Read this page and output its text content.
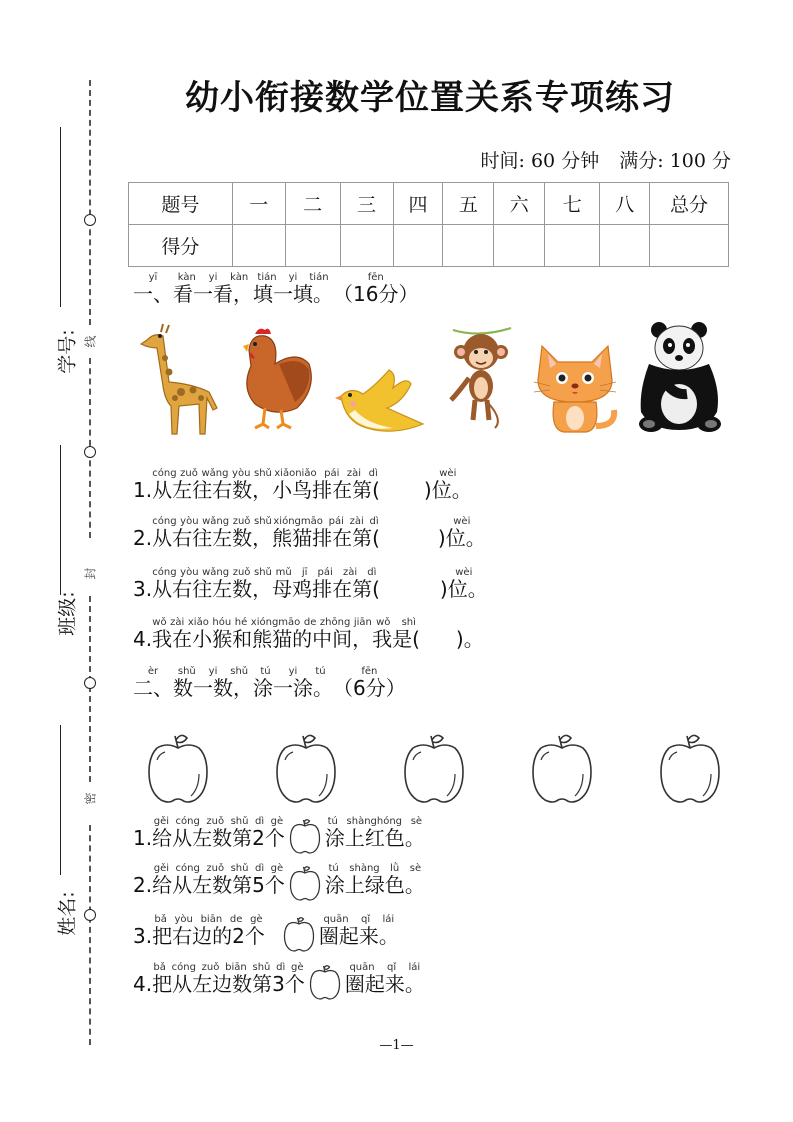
线
封
密
学号:
班级:
姓名:
幼小衔接数学位置关系专项练习
时间: 60 分钟 满分: 100 分
题号	一	二	三	四	五	六	七	八	总分
得分									
一、yī看一看，kàn yi kàn填一填。tián yi tián（16分）fēn
1.从左往右数，cóng zuǒ wǎng yòu shǔ小鸟排在第(xiǎoniǎo pái zài dì)位。wèi
2.从右往左数，cóng yòu wǎng zuǒ shǔ熊猫排在第(xióngmāo pái zài dì)位。wèi
3.从右往左数，cóng yòu wǎng zuǒ shǔ母鸡排在第(mǔ jī pái zài dì)位。wèi
4.我在小猴和熊猫的中间，wǒ zài xiǎo hóu hé xióngmāo de zhōng jiān我是(wǒ shì)。
二、èr数一数，shǔ yi shǔ涂一涂。tú yi tú（6分）fēn
1.给从左数第2个gěi cóng zuǒ shǔ dì gè涂上红色。tú shànghóng sè
2.给从左数第5个gěi cóng zuǒ shǔ dì gè涂上绿色。tú shàng lǜ sè
3.把右边的2个bǎ yòu biān de gè圈起来。quān qǐ lái
4.把从左边数第3个bǎ cóng zuǒ biān shǔ dì gè圈起来。quān qǐ lái
—1—
